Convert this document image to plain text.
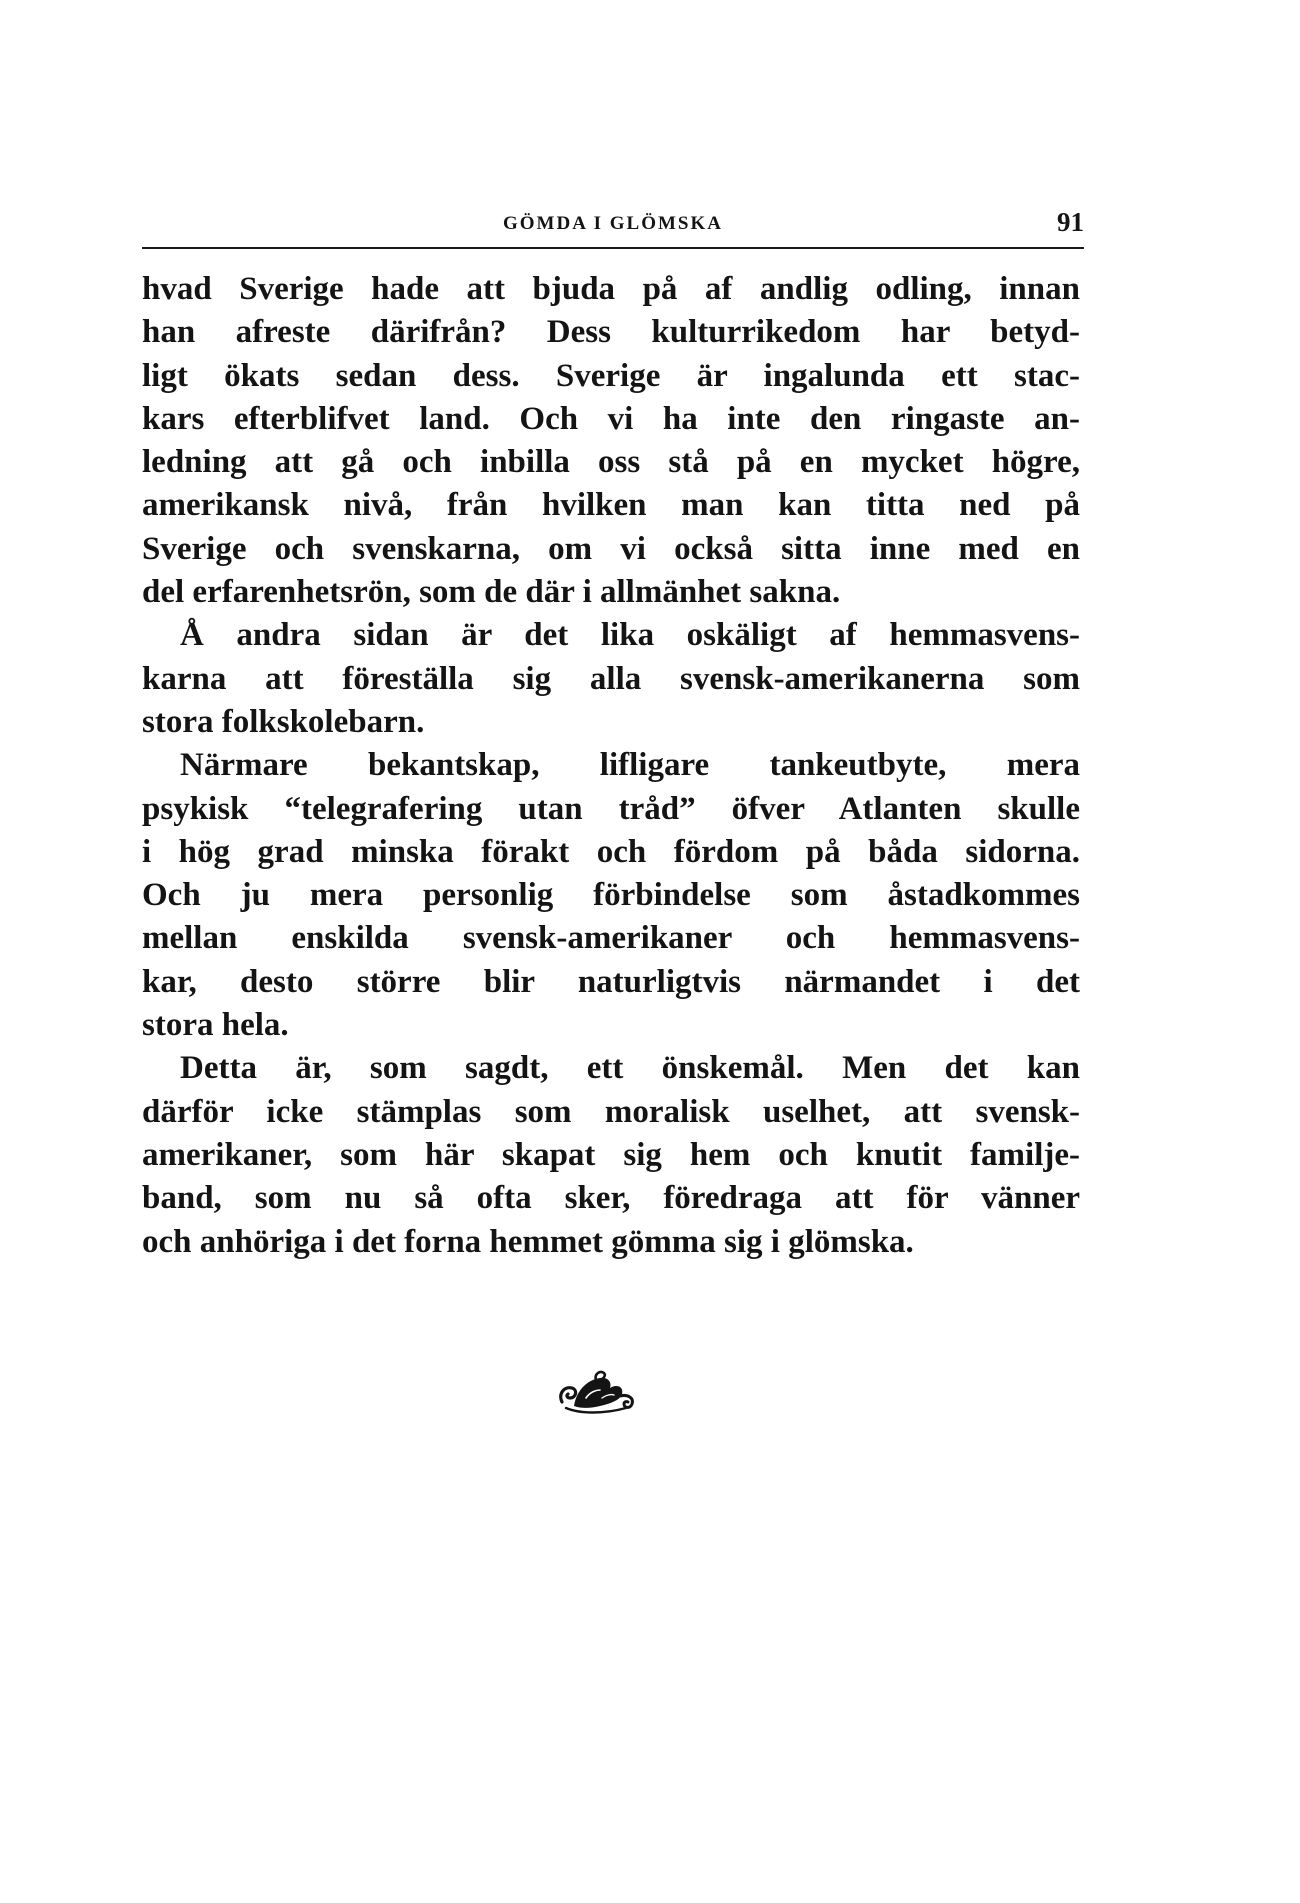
GÖMDA I GLÖMSKA	91
hvad Sverige hade att bjuda på af andlig odling, innan
han afreste därifrån? Dess kulturrikedom har betyd-
ligt ökats sedan dess. Sverige är ingalunda ett stac-
kars efterblifvet land. Och vi ha inte den ringaste an-
ledning att gå och inbilla oss stå på en mycket högre,
amerikansk nivå, från hvilken man kan titta ned på
Sverige och svenskarna, om vi också sitta inne med en
del erfarenhetsrön, som de där i allmänhet sakna.
Å andra sidan är det lika oskäligt af hemmasvens-
karna att föreställa sig alla svensk-amerikanerna som
stora folkskolebarn.
Närmare bekantskap, lifligare tankeutbyte, mera
psykisk “telegrafering utan tråd” öfver Atlanten skulle
i hög grad minska förakt och fördom på båda sidorna.
Och ju mera personlig förbindelse som åstadkommes
mellan enskilda svensk-amerikaner och hemmasvens-
kar, desto större blir naturligtvis närmandet i det
stora hela.
Detta är, som sagdt, ett önskemål. Men det kan
därför icke stämplas som moralisk uselhet, att svensk-
amerikaner, som här skapat sig hem och knutit familje-
band, som nu så ofta sker, föredraga att för vänner
och anhöriga i det forna hemmet gömma sig i glömska.
